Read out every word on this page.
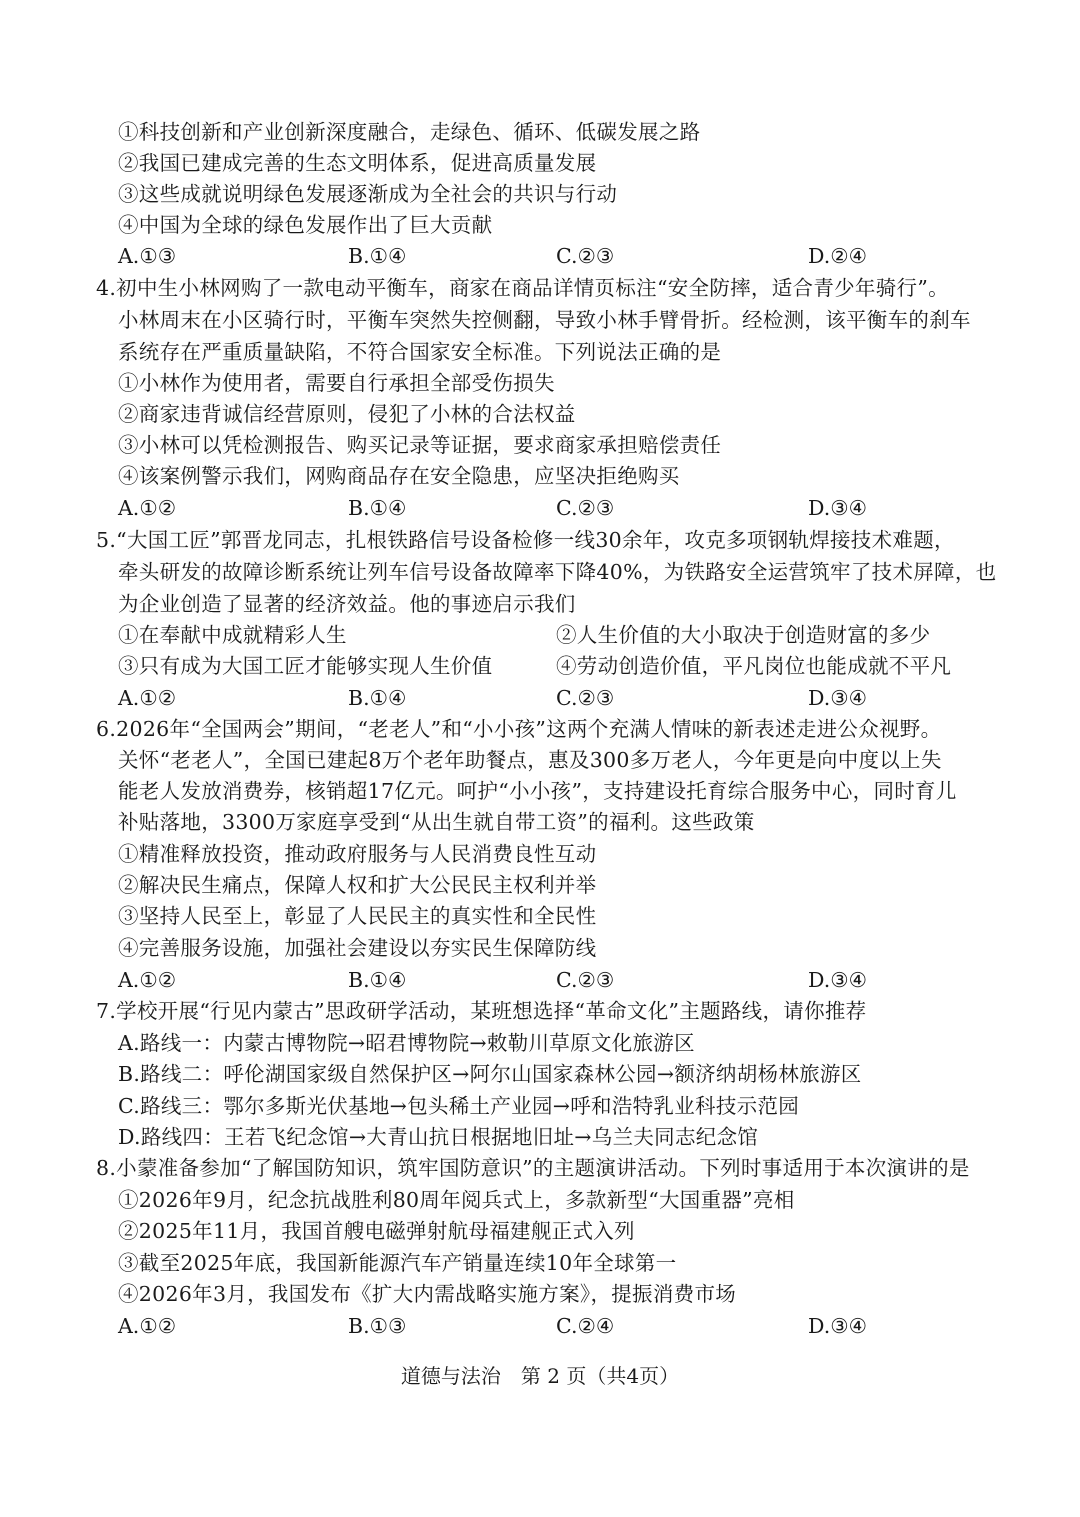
①科技创新和产业创新深度融合，走绿色、循环、低碳发展之路
②我国已建成完善的生态文明体系，促进高质量发展
③这些成就说明绿色发展逐渐成为全社会的共识与行动
④中国为全球的绿色发展作出了巨大贡献
A.①③	B.①④	C.②③	D.②④
4.初中生小林网购了一款电动平衡车，商家在商品详情页标注“安全防摔，适合青少年骑行”。
小林周末在小区骑行时，平衡车突然失控侧翻，导致小林手臂骨折。经检测，该平衡车的刹车
系统存在严重质量缺陷，不符合国家安全标准。下列说法正确的是
①小林作为使用者，需要自行承担全部受伤损失
②商家违背诚信经营原则，侵犯了小林的合法权益
③小林可以凭检测报告、购买记录等证据，要求商家承担赔偿责任
④该案例警示我们，网购商品存在安全隐患，应坚决拒绝购买
A.①②	B.①④	C.②③	D.③④
5.“大国工匠”郭晋龙同志，扎根铁路信号设备检修一线30余年，攻克多项钢轨焊接技术难题，
牵头研发的故障诊断系统让列车信号设备故障率下降40%，为铁路安全运营筑牢了技术屏障，也
为企业创造了显著的经济效益。他的事迹启示我们
①在奉献中成就精彩人生	②人生价值的大小取决于创造财富的多少
③只有成为大国工匠才能够实现人生价值	④劳动创造价值，平凡岗位也能成就不平凡
A.①②	B.①④	C.②③	D.③④
6.2026年“全国两会”期间，“老老人”和“小小孩”这两个充满人情味的新表述走进公众视野。
关怀“老老人”，全国已建起8万个老年助餐点，惠及300多万老人，今年更是向中度以上失
能老人发放消费券，核销超17亿元。呵护“小小孩”，支持建设托育综合服务中心，同时育儿
补贴落地，3300万家庭享受到“从出生就自带工资”的福利。这些政策
①精准释放投资，推动政府服务与人民消费良性互动
②解决民生痛点，保障人权和扩大公民民主权利并举
③坚持人民至上，彰显了人民民主的真实性和全民性
④完善服务设施，加强社会建设以夯实民生保障防线
A.①②	B.①④	C.②③	D.③④
7.学校开展“行见内蒙古”思政研学活动，某班想选择“革命文化”主题路线，请你推荐
A.路线一：内蒙古博物院→昭君博物院→敕勒川草原文化旅游区
B.路线二：呼伦湖国家级自然保护区→阿尔山国家森林公园→额济纳胡杨林旅游区
C.路线三：鄂尔多斯光伏基地→包头稀土产业园→呼和浩特乳业科技示范园
D.路线四：王若飞纪念馆→大青山抗日根据地旧址→乌兰夫同志纪念馆
8.小蒙准备参加“了解国防知识，筑牢国防意识”的主题演讲活动。下列时事适用于本次演讲的是
①2026年9月，纪念抗战胜利80周年阅兵式上，多款新型“大国重器”亮相
②2025年11月，我国首艘电磁弹射航母福建舰正式入列
③截至2025年底，我国新能源汽车产销量连续10年全球第一
④2026年3月，我国发布《扩大内需战略实施方案》，提振消费市场
A.①②	B.①③	C.②④	D.③④
道德与法治　第 2 页（共4页）
